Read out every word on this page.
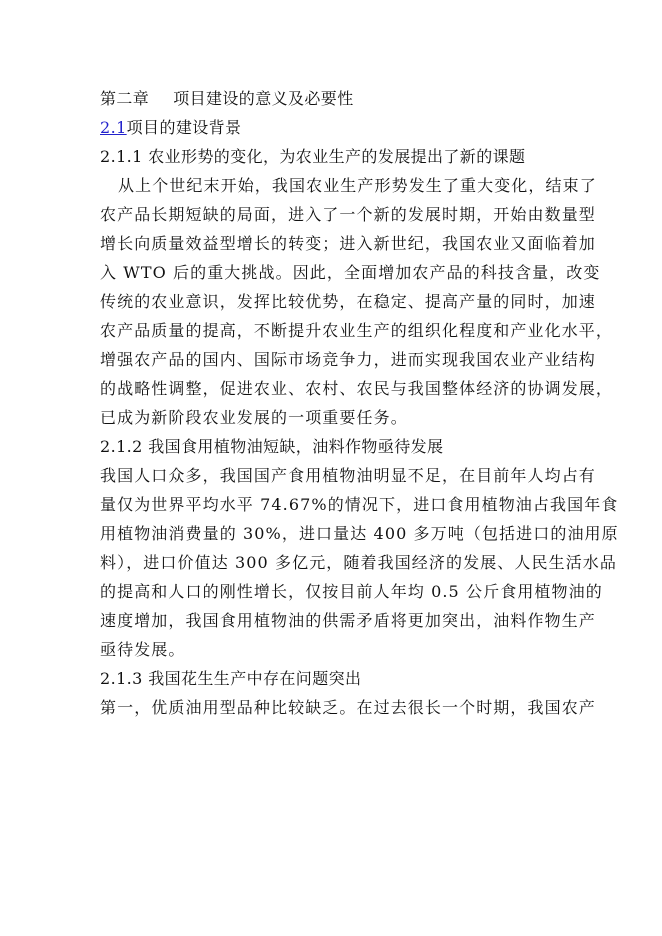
第二章 项目建设的意义及必要性
2.1项目的建设背景
2.1.1 农业形势的变化，为农业生产的发展提出了新的课题
从上个世纪末开始，我国农业生产形势发生了重大变化，结束了
农产品长期短缺的局面，进入了一个新的发展时期，开始由数量型
增长向质量效益型增长的转变；进入新世纪，我国农业又面临着加
入 WTO 后的重大挑战。因此，全面增加农产品的科技含量，改变
传统的农业意识，发挥比较优势，在稳定、提高产量的同时，加速
农产品质量的提高，不断提升农业生产的组织化程度和产业化水平，
增强农产品的国内、国际市场竞争力，进而实现我国农业产业结构
的战略性调整，促进农业、农村、农民与我国整体经济的协调发展，
已成为新阶段农业发展的一项重要任务。
2.1.2 我国食用植物油短缺，油料作物亟待发展
我国人口众多，我国国产食用植物油明显不足，在目前年人均占有
量仅为世界平均水平 74.67%的情况下，进口食用植物油占我国年食
用植物油消费量的 30%，进口量达 400 多万吨（包括进口的油用原
料），进口价值达 300 多亿元，随着我国经济的发展、人民生活水品
的提高和人口的刚性增长，仅按目前人年均 0.5 公斤食用植物油的
速度增加，我国食用植物油的供需矛盾将更加突出，油料作物生产
亟待发展。
2.1.3 我国花生生产中存在问题突出
第一，优质油用型品种比较缺乏。在过去很长一个时期，我国农产
